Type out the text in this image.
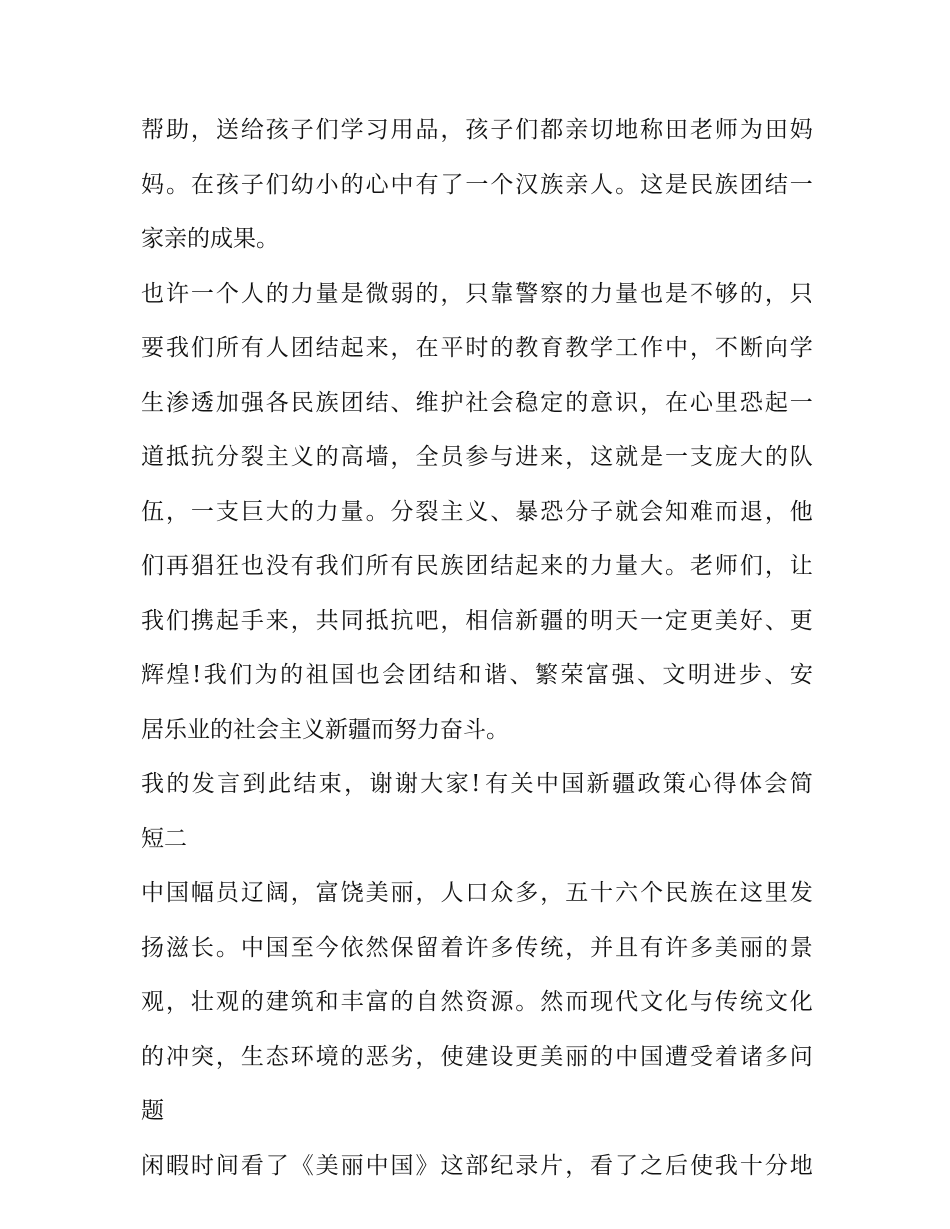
帮 助 ， 送 给 孩 子 们 学 习 用 品 ， 孩 子 们 都 亲 切 地 称 田 老 师 为 田 妈
妈 。 在 孩 子 们 幼 小 的 心 中 有 了 一 个 汉 族 亲 人 。 这 是 民 族 团 结 一
家亲的成果。
也 许 一 个 人 的 力 量 是 微 弱 的 ， 只 靠 警 察 的 力 量 也 是 不 够 的 ， 只
要 我 们 所 有 人 团 结 起 来 ， 在 平 时 的 教 育 教 学 工 作 中 ， 不 断 向 学
生 渗 透 加 强 各 民 族 团 结 、 维 护 社 会 稳 定 的 意 识 ， 在 心 里 恐 起 一
道 抵 抗 分 裂 主 义 的 高 墙 ， 全 员 参 与 进 来 ， 这 就 是 一 支 庞 大 的 队
伍 ， 一 支 巨 大 的 力 量 。 分 裂 主 义 、 暴 恐 分 子 就 会 知 难 而 退 ， 他
们 再 猖 狂 也 没 有 我 们 所 有 民 族 团 结 起 来 的 力 量 大 。 老 师 们 ， 让
我 们 携 起 手 来 ， 共 同 抵 抗 吧 ， 相 信 新 疆 的 明 天 一 定 更 美 好 、 更
辉 煌 ! 我 们 为 的 祖 国 也 会 团 结 和 谐 、 繁 荣 富 强 、 文 明 进 步 、 安
居乐业的社会主义新疆而努力奋斗。
我 的 发 言 到 此 结 束 ， 谢 谢 大 家 ! 有 关 中 国 新 疆 政 策 心 得 体 会 简
短二
中 国 幅 员 辽 阔 ， 富 饶 美 丽 ， 人 口 众 多 ， 五 十 六 个 民 族 在 这 里 发
扬 滋 长 。 中 国 至 今 依 然 保 留 着 许 多 传 统 ， 并 且 有 许 多 美 丽 的 景
观 ， 壮 观 的 建 筑 和 丰 富 的 自 然 资 源 。 然 而 现 代 文 化 与 传 统 文 化
的 冲 突 ， 生 态 环 境 的 恶 劣 ， 使 建 设 更 美 丽 的 中 国 遭 受 着 诸 多 问
题
闲 暇 时 间 看 了 《 美 丽 中 国 》 这 部 纪 录 片 ， 看 了 之 后 使 我 十 分 地
